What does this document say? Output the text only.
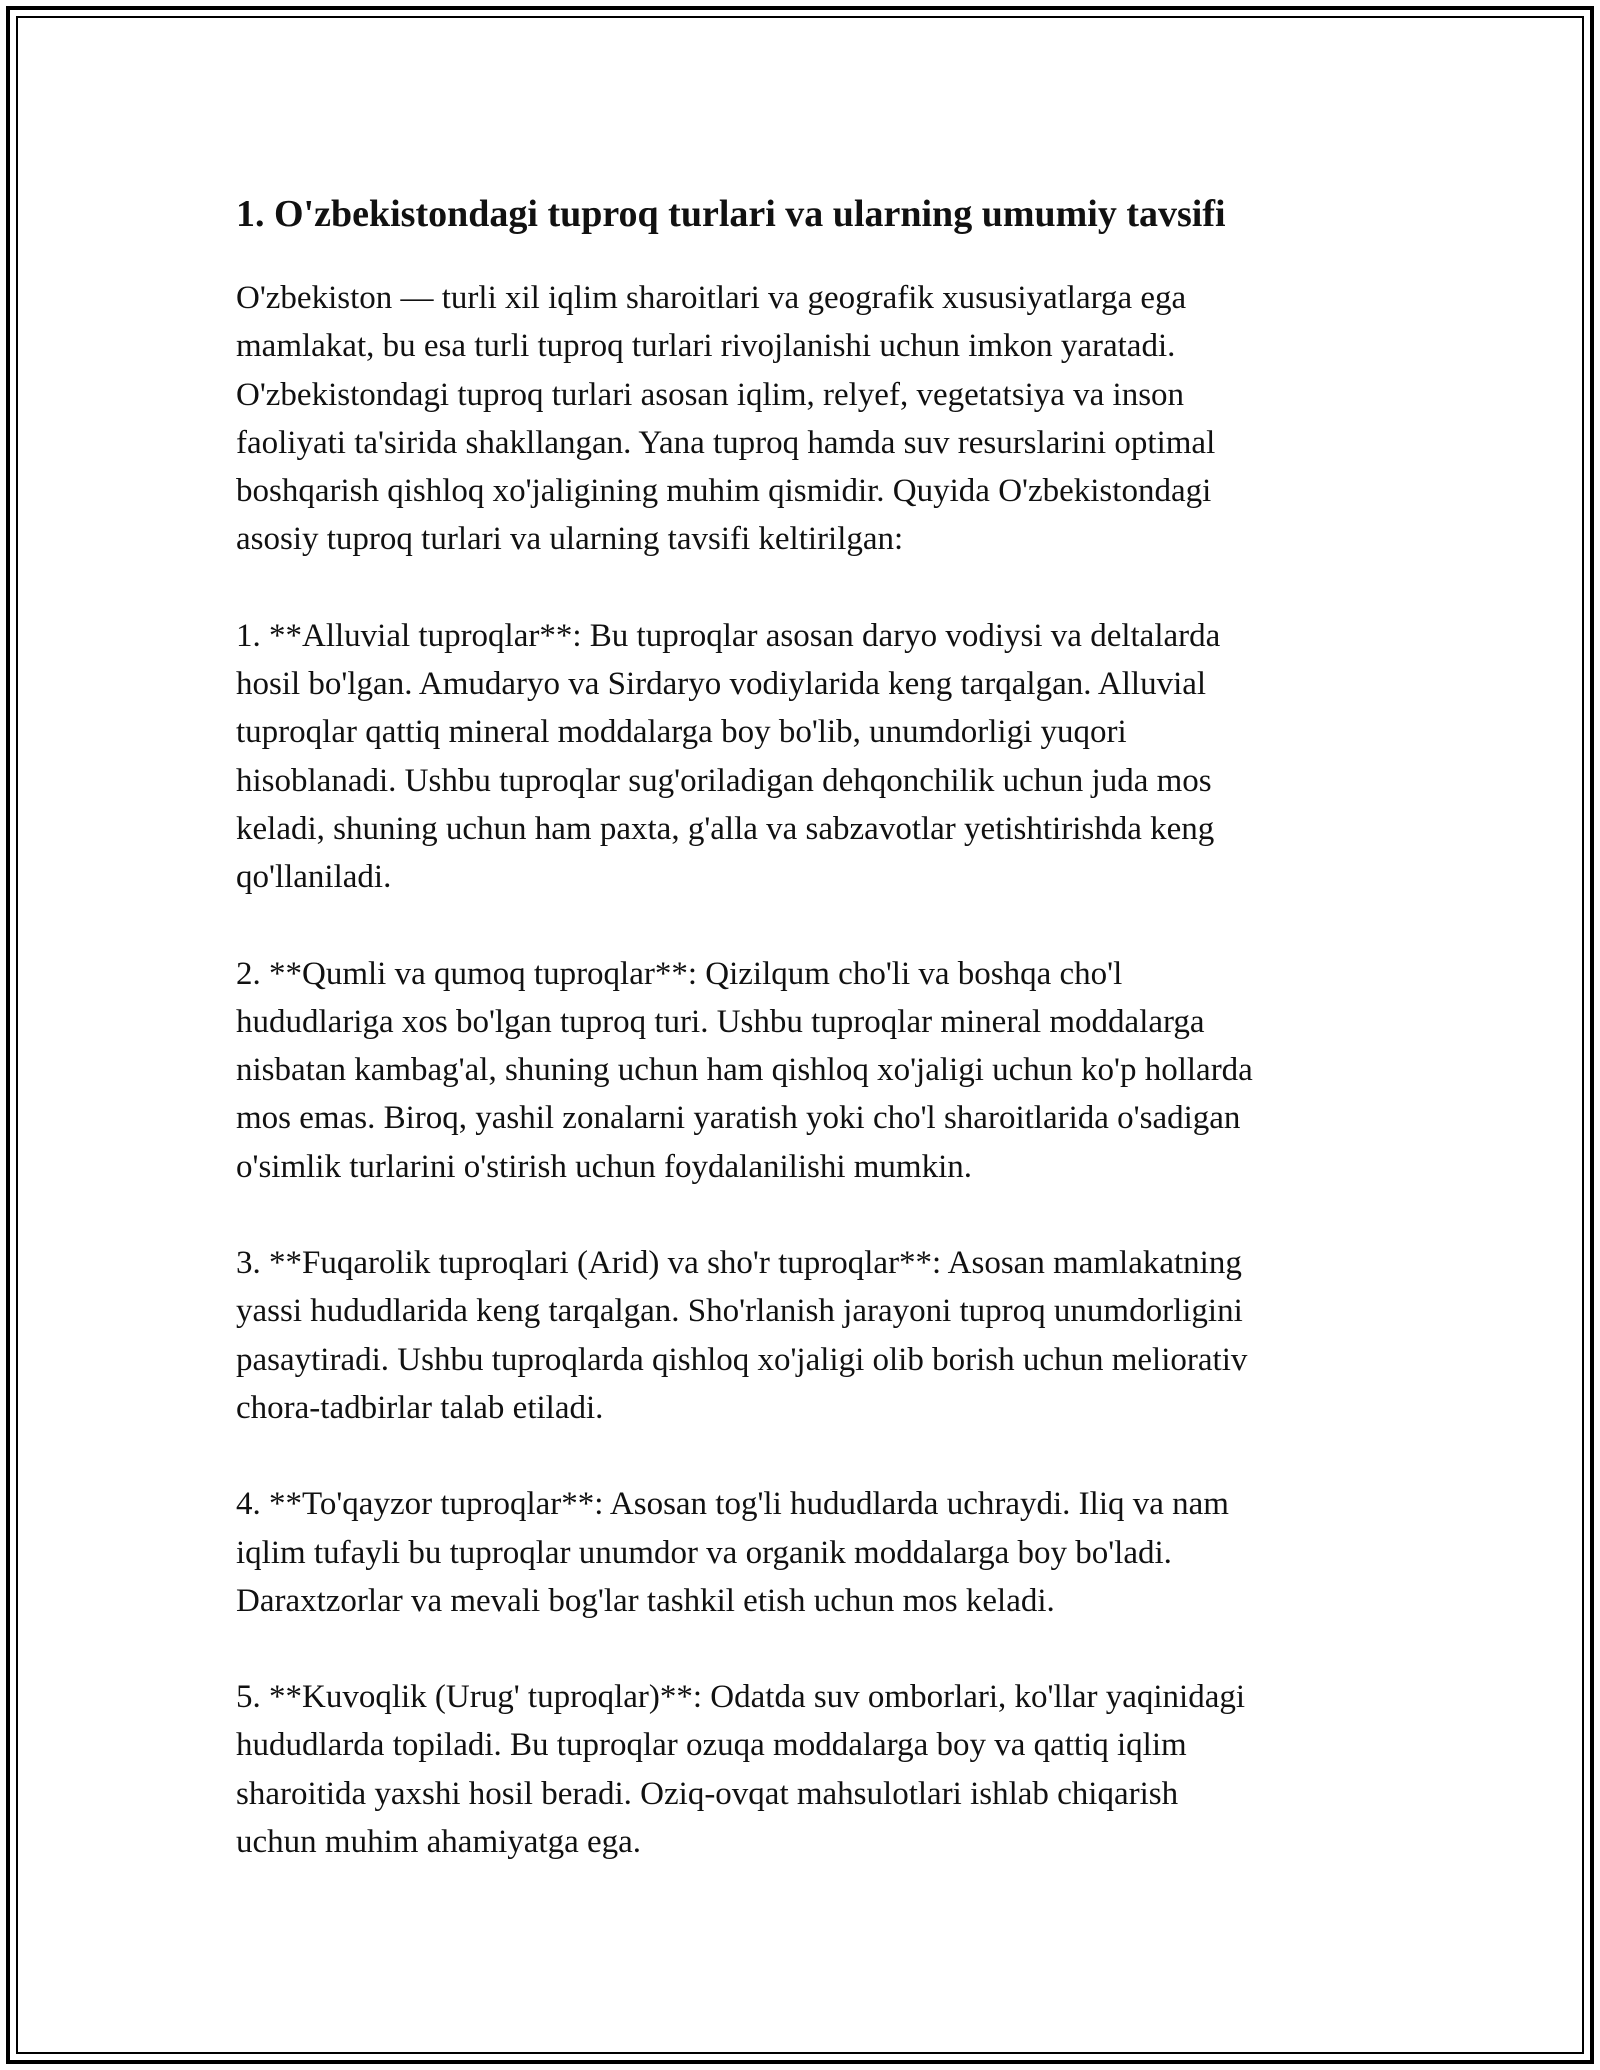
1. O'zbekistondagi tuproq turlari va ularning umumiy tavsifi

O'zbekiston — turli xil iqlim sharoitlari va geografik xususiyatlarga ega
mamlakat, bu esa turli tuproq turlari rivojlanishi uchun imkon yaratadi.
O'zbekistondagi tuproq turlari asosan iqlim, relyef, vegetatsiya va inson
faoliyati ta'sirida shakllangan. Yana tuproq hamda suv resurslarini optimal
boshqarish qishloq xo'jaligining muhim qismidir. Quyida O'zbekistondagi
asosiy tuproq turlari va ularning tavsifi keltirilgan:

1. **Alluvial tuproqlar**: Bu tuproqlar asosan daryo vodiysi va deltalarda
hosil bo'lgan. Amudaryo va Sirdaryo vodiylarida keng tarqalgan. Alluvial
tuproqlar qattiq mineral moddalarga boy bo'lib, unumdorligi yuqori
hisoblanadi. Ushbu tuproqlar sug'oriladigan dehqonchilik uchun juda mos
keladi, shuning uchun ham paxta, g'alla va sabzavotlar yetishtirishda keng
qo'llaniladi.

2. **Qumli va qumoq tuproqlar**: Qizilqum cho'li va boshqa cho'l
hududlariga xos bo'lgan tuproq turi. Ushbu tuproqlar mineral moddalarga
nisbatan kambag'al, shuning uchun ham qishloq xo'jaligi uchun ko'p hollarda
mos emas. Biroq, yashil zonalarni yaratish yoki cho'l sharoitlarida o'sadigan
o'simlik turlarini o'stirish uchun foydalanilishi mumkin.

3. **Fuqarolik tuproqlari (Arid) va sho'r tuproqlar**: Asosan mamlakatning
yassi hududlarida keng tarqalgan. Sho'rlanish jarayoni tuproq unumdorligini
pasaytiradi. Ushbu tuproqlarda qishloq xo'jaligi olib borish uchun meliorativ
chora-tadbirlar talab etiladi.

4. **To'qayzor tuproqlar**: Asosan tog'li hududlarda uchraydi. Iliq va nam
iqlim tufayli bu tuproqlar unumdor va organik moddalarga boy bo'ladi.
Daraxtzorlar va mevali bog'lar tashkil etish uchun mos keladi.

5. **Kuvoqlik (Urug' tuproqlar)**: Odatda suv omborlari, ko'llar yaqinidagi
hududlarda topiladi. Bu tuproqlar ozuqa moddalarga boy va qattiq iqlim
sharoitida yaxshi hosil beradi. Oziq-ovqat mahsulotlari ishlab chiqarish
uchun muhim ahamiyatga ega.
